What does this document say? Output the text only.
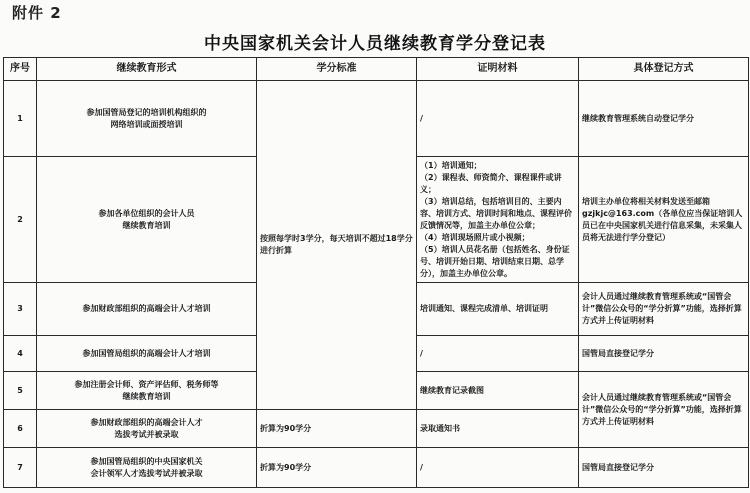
附件 2
中央国家机关会计人员继续教育学分登记表
序号	继续教育形式	学分标准	证明材料	具体登记方式
1	参加国管局登记的培训机构组织的
网络培训或面授培训	按照每学时3学分，每天培训不超过18学分进行折算	/	继续教育管理系统自动登记学分
2	参加各单位组织的会计人员
继续教育培训		（1）培训通知；
（2）课程表、师资简介、课程课件或讲义；
（3）培训总结，包括培训目的、主要内容、培训方式、培训时间和地点、课程评价反馈情况等，加盖主办单位公章；
（4）培训现场照片或小视频；
（5）培训人员花名册（包括姓名、身份证号、培训开始日期、培训结束日期、总学分），加盖主办单位公章。	培训主办单位将相关材料发送至邮箱gzjkjc@163.com（各单位应当保证培训人员已在中央国家机关进行信息采集，未采集人员将无法进行学分登记）
3	参加财政部组织的高端会计人才培训		培训通知、课程完成清单、培训证明	会计人员通过继续教育管理系统或“国管会计”微信公众号的“学分折算”功能，选择折算方式并上传证明材料
4	参加国管局组织的高端会计人才培训		/	国管局直接登记学分
5	参加注册会计师、资产评估师、税务师等
继续教育培训		继续教育记录截图	会计人员通过继续教育管理系统或“国管会计”微信公众号的“学分折算”功能，选择折算方式并上传证明材料
6	参加财政部组织的高端会计人才
选拔考试并被录取	折算为90学分	录取通知书	
7	参加国管局组织的中央国家机关
会计领军人才选拔考试并被录取	折算为90学分	/	国管局直接登记学分
